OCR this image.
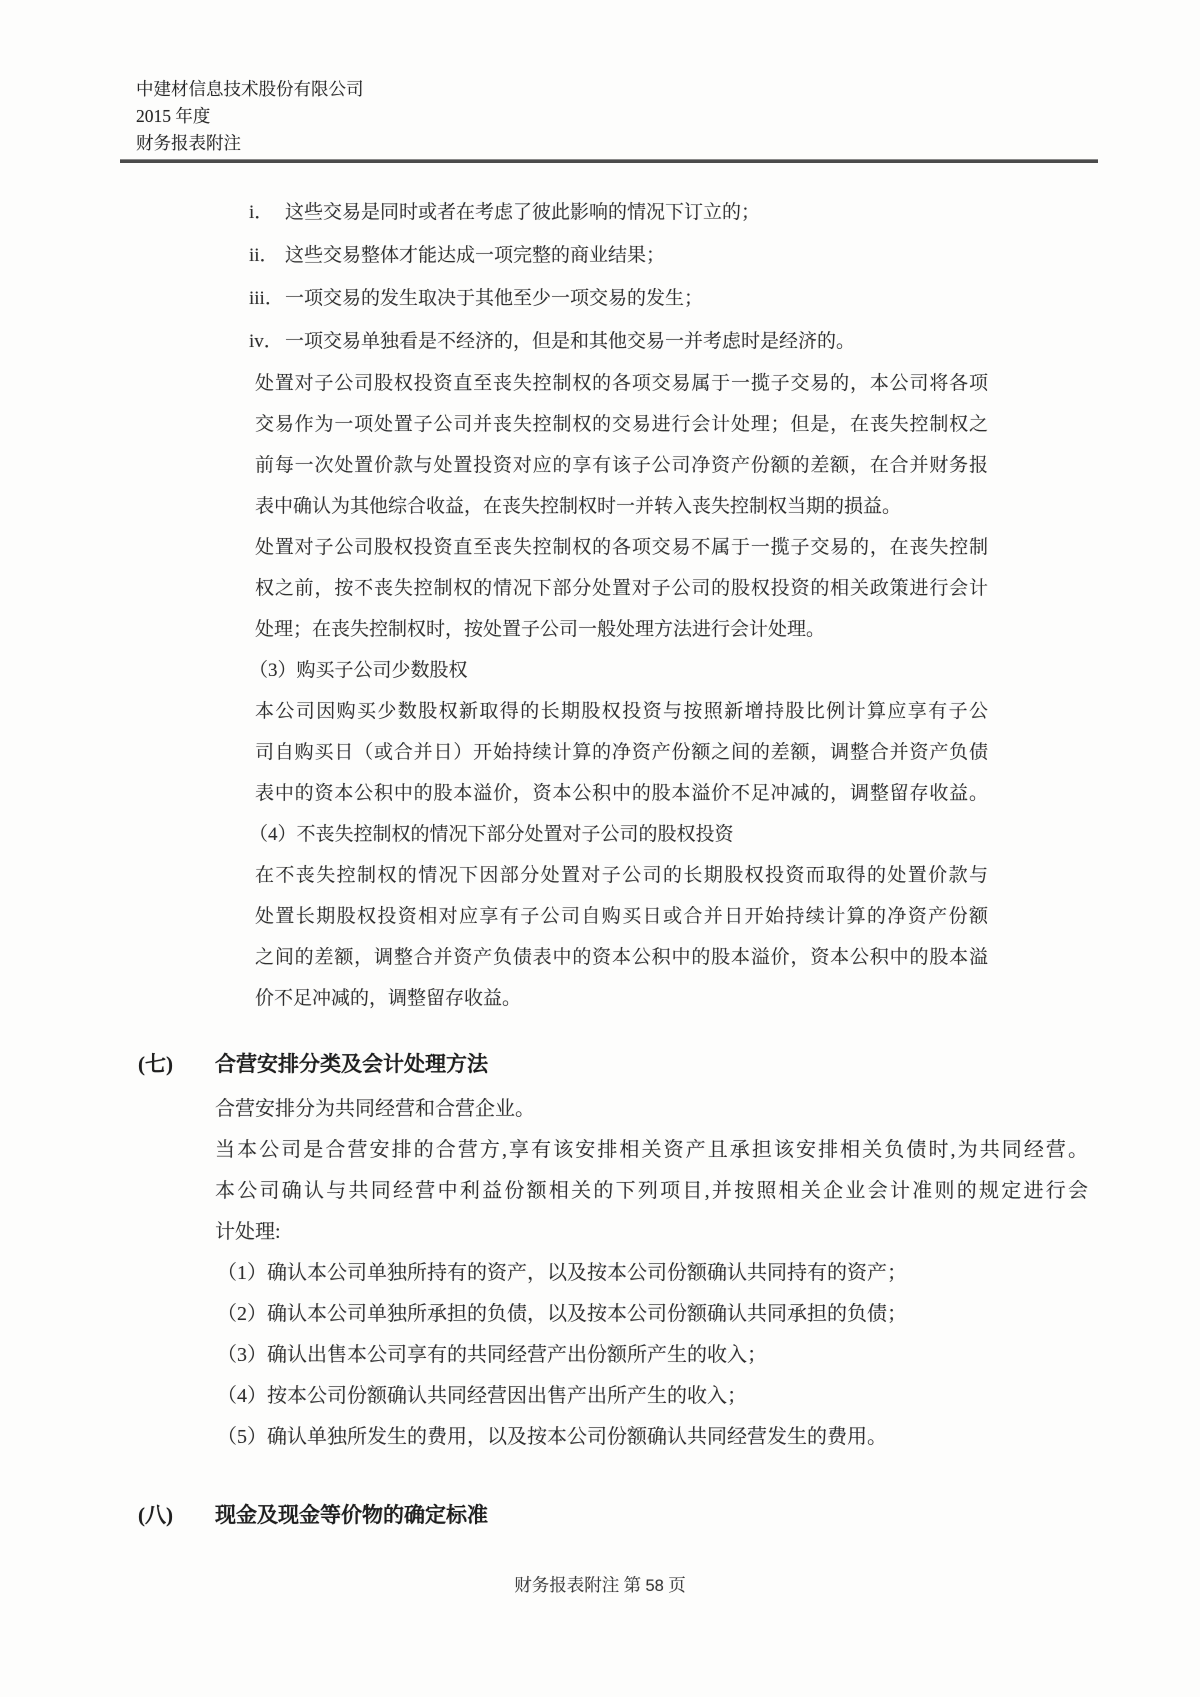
中建材信息技术股份有限公司
2015 年度
财务报表附注
i． 这些交易是同时或者在考虑了彼此影响的情况下订立的；
ii． 这些交易整体才能达成一项完整的商业结果；
iii．一项交易的发生取决于其他至少一项交易的发生；
iv． 一项交易单独看是不经济的，但是和其他交易一并考虑时是经济的。
处置对子公司股权投资直至丧失控制权的各项交易属于一揽子交易的，本公司将各项
交易作为一项处置子公司并丧失控制权的交易进行会计处理；但是，在丧失控制权之
前每一次处置价款与处置投资对应的享有该子公司净资产份额的差额，在合并财务报
表中确认为其他综合收益，在丧失控制权时一并转入丧失控制权当期的损益。
处置对子公司股权投资直至丧失控制权的各项交易不属于一揽子交易的，在丧失控制
权之前，按不丧失控制权的情况下部分处置对子公司的股权投资的相关政策进行会计
处理；在丧失控制权时，按处置子公司一般处理方法进行会计处理。
（3）购买子公司少数股权
本公司因购买少数股权新取得的长期股权投资与按照新增持股比例计算应享有子公
司自购买日（或合并日）开始持续计算的净资产份额之间的差额，调整合并资产负债
表中的资本公积中的股本溢价，资本公积中的股本溢价不足冲减的，调整留存收益。
（4）不丧失控制权的情况下部分处置对子公司的股权投资
在不丧失控制权的情况下因部分处置对子公司的长期股权投资而取得的处置价款与
处置长期股权投资相对应享有子公司自购买日或合并日开始持续计算的净资产份额
之间的差额，调整合并资产负债表中的资本公积中的股本溢价，资本公积中的股本溢
价不足冲减的，调整留存收益。
(七)	合营安排分类及会计处理方法
合营安排分为共同经营和合营企业。
当本公司是合营安排的合营方,享有该安排相关资产且承担该安排相关负债时,为共同经营。
本公司确认与共同经营中利益份额相关的下列项目,并按照相关企业会计准则的规定进行会
计处理:
（1）确认本公司单独所持有的资产，以及按本公司份额确认共同持有的资产；
（2）确认本公司单独所承担的负债，以及按本公司份额确认共同承担的负债；
（3）确认出售本公司享有的共同经营产出份额所产生的收入；
（4）按本公司份额确认共同经营因出售产出所产生的收入；
（5）确认单独所发生的费用，以及按本公司份额确认共同经营发生的费用。
(八)	现金及现金等价物的确定标准
财务报表附注 第 58 页
